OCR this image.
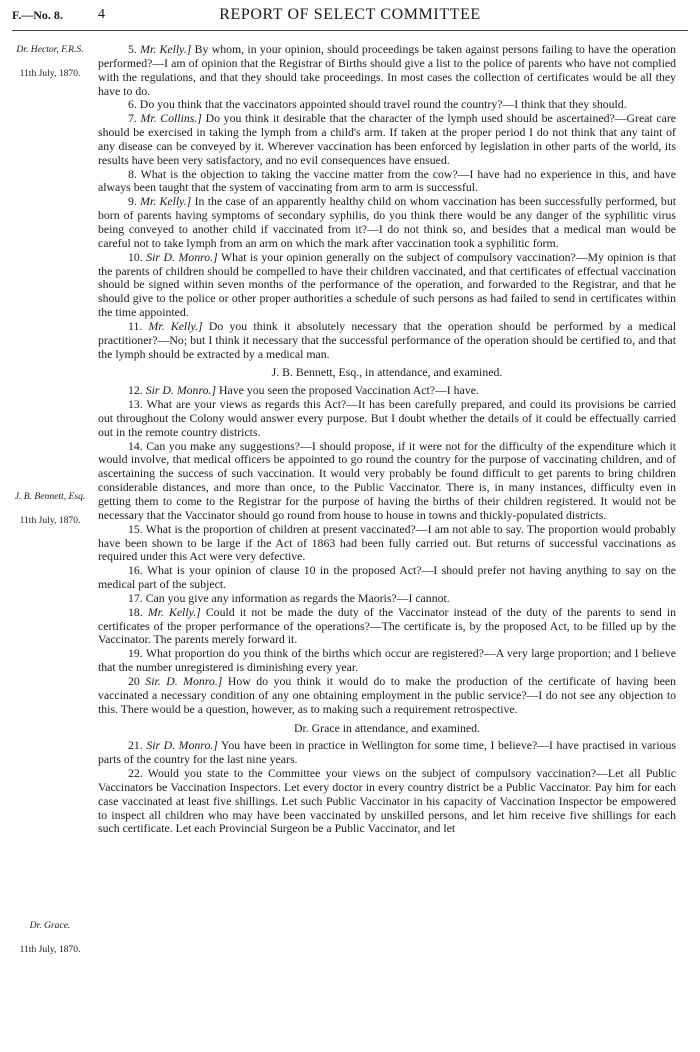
F.—No. 8.	4	REPORT OF SELECT COMMITTEE
Dr. Hector, F.R.S.
11th July, 1870.
J. B. Bennett, Esq.
11th July, 1870.
Dr. Grace.
11th July, 1870.

5. Mr. Kelly.] By whom, in your opinion, should proceedings be taken against persons failing to have the operation performed?—I am of opinion that the Registrar of Births should give a list to the police of parents who have not complied with the regulations, and that they should take proceedings. In most cases the collection of certificates would be all they have to do.

6. Do you think that the vaccinators appointed should travel round the country?—I think that they should.

7. Mr. Collins.] Do you think it desirable that the character of the lymph used should be ascertained?—Great care should be exercised in taking the lymph from a child's arm. If taken at the proper period I do not think that any taint of any disease can be conveyed by it. Wherever vaccination has been enforced by legislation in other parts of the world, its results have been very satisfactory, and no evil consequences have ensued.

8. What is the objection to taking the vaccine matter from the cow?—I have had no experience in this, and have always been taught that the system of vaccinating from arm to arm is successful.

9. Mr. Kelly.] In the case of an apparently healthy child on whom vaccination has been successfully performed, but born of parents having symptoms of secondary syphilis, do you think there would be any danger of the syphilitic virus being conveyed to another child if vaccinated from it?—I do not think so, and besides that a medical man would be careful not to take lymph from an arm on which the mark after vaccination took a syphilitic form.

10. Sir D. Monro.] What is your opinion generally on the subject of compulsory vaccination?—My opinion is that the parents of children should be compelled to have their children vaccinated, and that certificates of effectual vaccination should be signed within seven months of the performance of the operation, and forwarded to the Registrar, and that he should give to the police or other proper authorities a schedule of such persons as had failed to send in certificates within the time appointed.

11. Mr. Kelly.] Do you think it absolutely necessary that the operation should be performed by a medical practitioner?—No; but I think it necessary that the successful performance of the operation should be certified to, and that the lymph should be extracted by a medical man.

J. B. Bennett, Esq., in attendance, and examined.

12. Sir D. Monro.] Have you seen the proposed Vaccination Act?—I have.

13. What are your views as regards this Act?—It has been carefully prepared, and could its provisions be carried out throughout the Colony would answer every purpose. But I doubt whether the details of it could be effectually carried out in the remote country districts.

14. Can you make any suggestions?—I should propose, if it were not for the difficulty of the expenditure which it would involve, that medical officers be appointed to go round the country for the purpose of vaccinating children, and of ascertaining the success of such vaccination. It would very probably be found difficult to get parents to bring children considerable distances, and more than once, to the Public Vaccinator. There is, in many instances, difficulty even in getting them to come to the Registrar for the purpose of having the births of their children registered. It would not be necessary that the Vaccinator should go round from house to house in towns and thickly-populated districts.

15. What is the proportion of children at present vaccinated?—I am not able to say. The proportion would probably have been shown to be large if the Act of 1863 had been fully carried out. But returns of successful vaccinations as required under this Act were very defective.

16. What is your opinion of clause 10 in the proposed Act?—I should prefer not having anything to say on the medical part of the subject.

17. Can you give any information as regards the Maoris?—I cannot.

18. Mr. Kelly.] Could it not be made the duty of the Vaccinator instead of the duty of the parents to send in certificates of the proper performance of the operations?—The certificate is, by the proposed Act, to be filled up by the Vaccinator. The parents merely forward it.

19. What proportion do you think of the births which occur are registered?—A very large proportion; and I believe that the number unregistered is diminishing every year.

20 Sir. D. Monro.] How do you think it would do to make the production of the certificate of having been vaccinated a necessary condition of any one obtaining employment in the public service?—I do not see any objection to this. There would be a question, however, as to making such a requirement retrospective.

Dr. Grace in attendance, and examined.

21. Sir D. Monro.] You have been in practice in Wellington for some time, I believe?—I have practised in various parts of the country for the last nine years.

22. Would you state to the Committee your views on the subject of compulsory vaccination?—Let all Public Vaccinators be Vaccination Inspectors. Let every doctor in every country district be a Public Vaccinator. Pay him for each case vaccinated at least five shillings. Let such Public Vaccinator in his capacity of Vaccination Inspector be empowered to inspect all children who may have been vaccinated by unskilled persons, and let him receive five shillings for each such certificate. Let each Provincial Surgeon be a Public Vaccinator, and let
